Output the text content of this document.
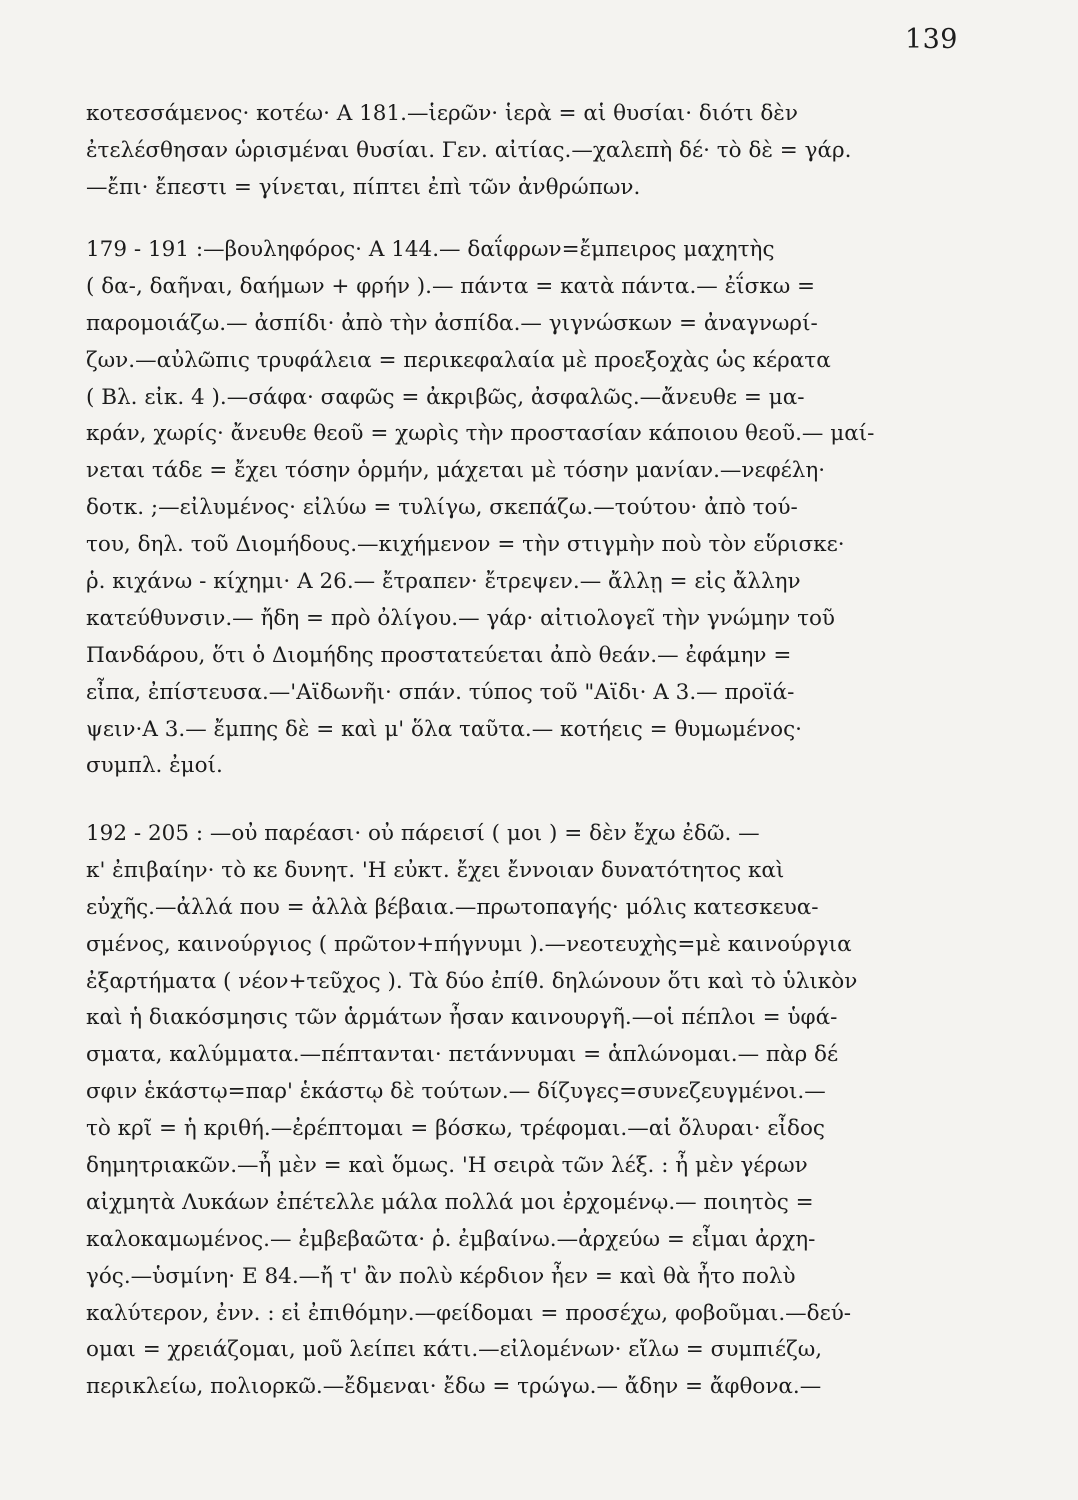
139
κοτεσσάμενος· κοτέω· Α 181.—ἱερῶν· ἱερὰ = αἱ θυσίαι· διότι δὲν
ἐτελέσθησαν ὡρισμέναι θυσίαι. Γεν. αἰτίας.—χαλεπὴ δέ· τὸ δὲ = γάρ.
—ἔπι· ἔπεστι = γίνεται, πίπτει ἐπὶ τῶν ἀνθρώπων.
179 - 191 :—βουληφόρος· Α 144.— δαΐφρων=ἔμπειρος μαχητὴς
( δα-, δαῆναι, δαήμων + φρήν ).— πάντα = κατὰ πάντα.— ἐΐσκω =
παρομοιάζω.— ἀσπίδι· ἀπὸ τὴν ἀσπίδα.— γιγνώσκων = ἀναγνωρί-
ζων.—αὐλῶπις τρυφάλεια = περικεφαλαία μὲ προεξοχὰς ὡς κέρατα
( Βλ. εἰκ. 4 ).—σάφα· σαφῶς = ἀκριβῶς, ἀσφαλῶς.—ἄνευθε = μα-
κράν, χωρίς· ἄνευθε θεοῦ = χωρὶς τὴν προστασίαν κάποιου θεοῦ.— μαί-
νεται τάδε = ἔχει τόσην ὁρμήν, μάχεται μὲ τόσην μανίαν.—νεφέλη·
δοτκ. ;—εἰλυμένος· εἰλύω = τυλίγω, σκεπάζω.—τούτου· ἀπὸ τού-
του, δηλ. τοῦ Διομήδους.—κιχήμενον = τὴν στιγμὴν ποὺ τὸν εὕρισκε·
ῥ. κιχάνω - κίχημι· Α 26.— ἔτραπεν· ἔτρεψεν.— ἄλλῃ = εἰς ἄλλην
κατεύθυνσιν.— ἤδη = πρὸ ὀλίγου.— γάρ· αἰτιολογεῖ τὴν γνώμην τοῦ
Πανδάρου, ὅτι ὁ Διομήδης προστατεύεται ἀπὸ θεάν.— ἐφάμην =
εἶπα, ἐπίστευσα.—'Αϊδωνῆι· σπάν. τύπος τοῦ "Αϊδι· Α 3.— προϊά-
ψειν·Α 3.— ἔμπης δὲ = καὶ μ' ὅλα ταῦτα.— κοτήεις = θυμωμένος·
συμπλ. ἐμοί.
192 - 205 : —οὐ παρέασι· οὐ πάρεισί ( μοι ) = δὲν ἔχω ἐδῶ. —
κ' ἐπιβαίην· τὸ κε δυνητ. 'Η εὐκτ. ἔχει ἔννοιαν δυνατότητος καὶ
εὐχῆς.—ἀλλά που = ἀλλὰ βέβαια.—πρωτοπαγής· μόλις κατεσκευα-
σμένος, καινούργιος ( πρῶτον+πήγνυμι ).—νεοτευχὴς=μὲ καινούργια
ἐξαρτήματα ( νέον+τεῦχος ). Τὰ δύο ἐπίθ. δηλώνουν ὅτι καὶ τὸ ὑλικὸν
καὶ ἡ διακόσμησις τῶν ἁρμάτων ἦσαν καινουργῆ.—οἱ πέπλοι = ὑφά-
σματα, καλύμματα.—πέπτανται· πετάννυμαι = ἁπλώνομαι.— πὰρ δέ
σφιν ἑκάστῳ=παρ' ἑκάστῳ δὲ τούτων.— δίζυγες=συνεζευγμένοι.—
τὸ κρῖ = ἡ κριθή.—ἐρέπτομαι = βόσκω, τρέφομαι.—αἱ ὄλυραι· εἶδος
δημητριακῶν.—ἦ μὲν = καὶ ὅμως. 'Η σειρὰ τῶν λέξ. : ἦ μὲν γέρων
αἰχμητὰ Λυκάων ἐπέτελλε μάλα πολλά μοι ἐρχομένῳ.— ποιητὸς =
καλοκαμωμένος.— ἐμβεβαῶτα· ῥ. ἐμβαίνω.—ἀρχεύω = εἶμαι ἀρχη-
γός.—ὑσμίνη· Ε 84.—ἤ τ' ἂν πολὺ κέρδιον ἦεν = καὶ θὰ ἦτο πολὺ
καλύτερον, ἐνν. : εἰ ἐπιθόμην.—φείδομαι = προσέχω, φοβοῦμαι.—δεύ-
ομαι = χρειάζομαι, μοῦ λείπει κάτι.—εἰλομένων· εἴλω = συμπιέζω,
περικλείω, πολιορκῶ.—ἔδμεναι· ἔδω = τρώγω.— ἄδην = ἄφθονα.—
